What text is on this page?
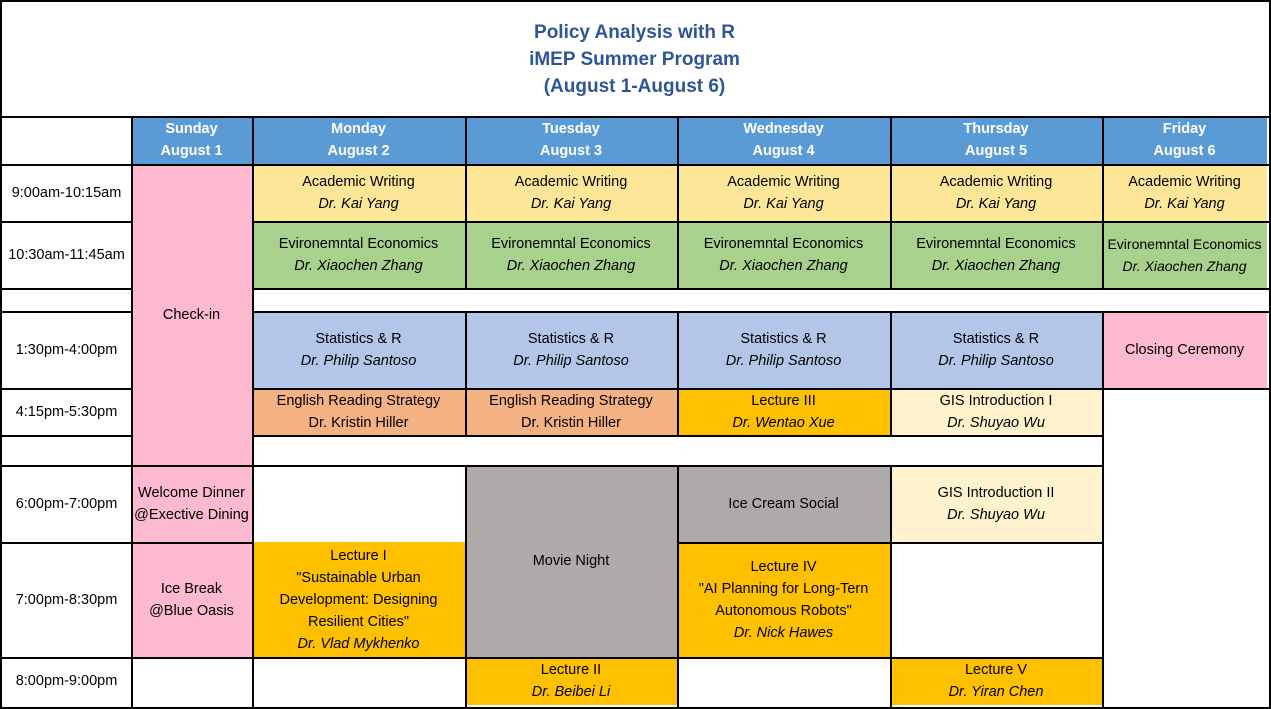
Policy Analysis with R
iMEP Summer Program
(August 1-August 6)
Sunday
August 1
Monday
August 2
Tuesday
August 3
Wednesday
August 4
Thursday
August 5
Friday
August 6
9:00am-10:15am
10:30am-11:45am
1:30pm-4:00pm
4:15pm-5:30pm
6:00pm-7:00pm
7:00pm-8:30pm
8:00pm-9:00pm
Check-in
Welcome Dinner
@Exective Dining
Ice Break
@Blue Oasis
Academic Writing
Dr. Kai Yang
Academic Writing
Dr. Kai Yang
Academic Writing
Dr. Kai Yang
Academic Writing
Dr. Kai Yang
Academic Writing
Dr. Kai Yang
Evironemntal Economics
Dr. Xiaochen Zhang
Evironemntal Economics
Dr. Xiaochen Zhang
Evironemntal Economics
Dr. Xiaochen Zhang
Evironemntal Economics
Dr. Xiaochen Zhang
Evironemntal Economics
Dr. Xiaochen Zhang
Statistics & R
Dr. Philip Santoso
Statistics & R
Dr. Philip Santoso
Statistics & R
Dr. Philip Santoso
Statistics & R
Dr. Philip Santoso
Closing Ceremony
English Reading Strategy
Dr. Kristin Hiller
English Reading Strategy
Dr. Kristin Hiller
Lecture III
Dr. Wentao Xue
GIS Introduction I
Dr. Shuyao Wu
Ice Cream Social
GIS Introduction II
Dr. Shuyao Wu
Movie Night
Lecture I
"Sustainable Urban
Development: Designing
Resilient Cities"
Dr. Vlad Mykhenko
Lecture IV
"AI Planning for Long-Tern
Autonomous Robots"
Dr. Nick Hawes
Lecture II
Dr. Beibei Li
Lecture V
Dr. Yiran Chen
